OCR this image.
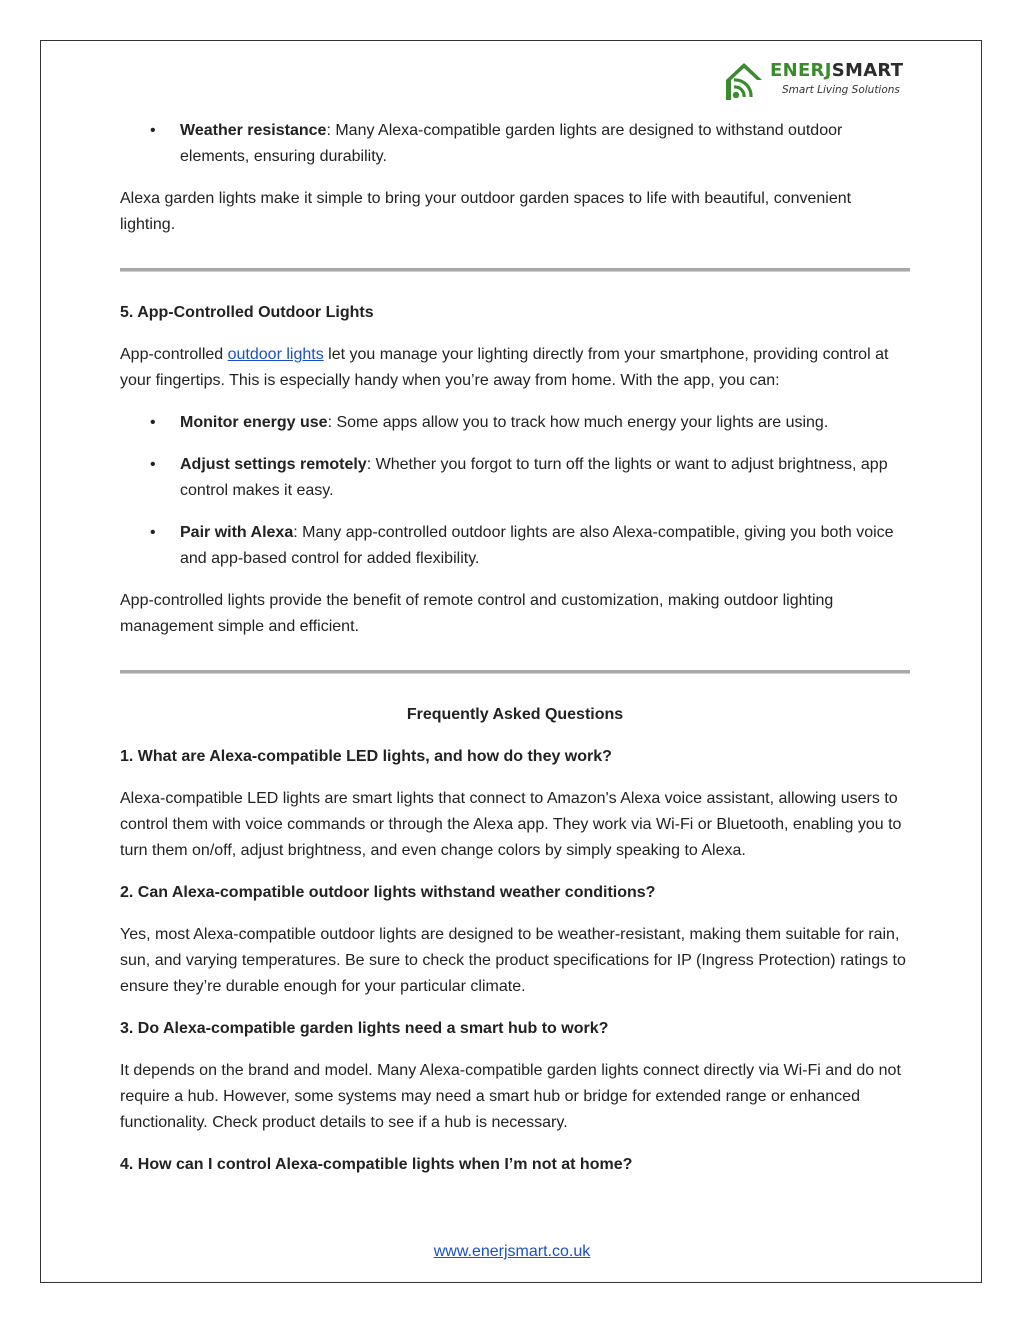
ENERJSMART
Smart Living Solutions
• Weather resistance: Many Alexa-compatible garden lights are designed to withstand outdoor elements, ensuring durability.

Alexa garden lights make it simple to bring your outdoor garden spaces to life with beautiful, convenient lighting.

5. App-Controlled Outdoor Lights

App-controlled outdoor lights let you manage your lighting directly from your smartphone, providing control at your fingertips. This is especially handy when you’re away from home. With the app, you can:

• Monitor energy use: Some apps allow you to track how much energy your lights are using.
• Adjust settings remotely: Whether you forgot to turn off the lights or want to adjust brightness, app control makes it easy.
• Pair with Alexa: Many app-controlled outdoor lights are also Alexa-compatible, giving you both voice and app-based control for added flexibility.

App-controlled lights provide the benefit of remote control and customization, making outdoor lighting management simple and efficient.

Frequently Asked Questions

1. What are Alexa-compatible LED lights, and how do they work?

Alexa-compatible LED lights are smart lights that connect to Amazon's Alexa voice assistant, allowing users to control them with voice commands or through the Alexa app. They work via Wi-Fi or Bluetooth, enabling you to turn them on/off, adjust brightness, and even change colors by simply speaking to Alexa.

2. Can Alexa-compatible outdoor lights withstand weather conditions?

Yes, most Alexa-compatible outdoor lights are designed to be weather-resistant, making them suitable for rain, sun, and varying temperatures. Be sure to check the product specifications for IP (Ingress Protection) ratings to ensure they’re durable enough for your particular climate.

3. Do Alexa-compatible garden lights need a smart hub to work?

It depends on the brand and model. Many Alexa-compatible garden lights connect directly via Wi-Fi and do not require a hub. However, some systems may need a smart hub or bridge for extended range or enhanced functionality. Check product details to see if a hub is necessary.

4. How can I control Alexa-compatible lights when I’m not at home?

www.enerjsmart.co.uk
